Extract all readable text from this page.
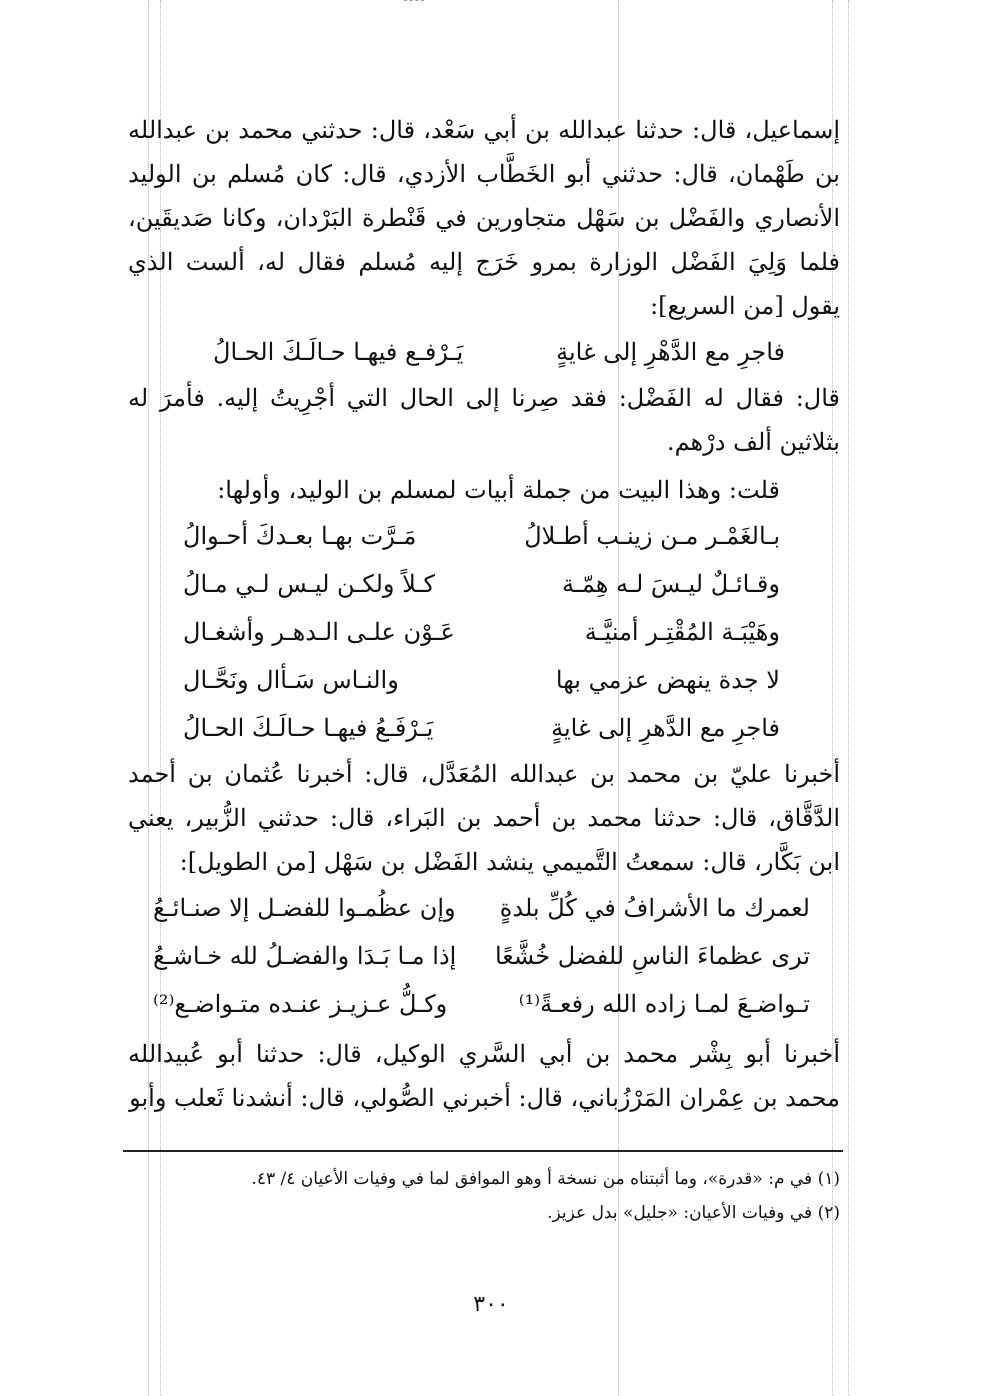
إسماعيل، قال: حدثنا عبدالله بن أبي سَعْد، قال: حدثني محمد بن عبدالله بن طَهْمان، قال: حدثني أبو الخَطَّاب الأزدي، قال: كان مُسلم بن الوليد الأنصاري والفَضْل بن سَهْل متجاورين في قَنْطرة البَرْدان، وكانا صَديقَين، فلما وَلِيَ الفَضْل الوزارة بمرو خَرَج إليه مُسلم فقال له، ألست الذي يقول [من السريع]:

فاجرِ مع الدَّهْرِ إلى غايةٍ
يَـرْفـع فيهـا حـالَـكَ الحـالُ

قال: فقال له الفَضْل: فقد صِرنا إلى الحال التي أجْرِيتُ إليه. فأمرَ له بثلاثين ألف درْهم.

قلت: وهذا البيت من جملة أبيات لمسلم بن الوليد، وأولها:

بـالغَمْـر مـن زينـب أطـلالُ
مَـرَّت بهـا بعـدكَ أحـوالُ
وقـائـلٌ ليـسَ لـه هِمّـة
كـلاً ولكـن ليـس لـي مـالُ
وهَيْبَـة المُقْتِـر أمنيَّـة
عَـوْن علـى الـدهـر وأشغـال
لا جدة ينهض عزمي بها
والنـاس سَـأال ونَحَّـال
فاجرِ مع الدَّهرِ إلى غايةٍ
يَـرْفَـعُ فيهـا حـالَـكَ الحـالُ

أخبرنا عليّ بن محمد بن عبدالله المُعَدَّل، قال: أخبرنا عُثمان بن أحمد الدَّقَّاق، قال: حدثنا محمد بن أحمد بن البَراء، قال: حدثني الزُّبير، يعني ابن بَكَّار، قال: سمعتُ التَّميمي ينشد الفَضْل بن سَهْل [من الطويل]:

لعمرك ما الأشرافُ في كُلِّ بلدةٍ
وإن عظُمـوا للفضـل إلا صنـائـعُ
ترى عظماءَ الناسِ للفضل خُشَّعًا
إذا مـا بَـدَا والفضـلُ لله خـاشـعُ
تـواضـعَ لمـا زاده الله رفعـةً⁽¹⁾
وكـلُّ عـزيـز عنـده متـواضـع⁽²⁾

أخبرنا أبو بِشْر محمد بن أبي السَّري الوكيل، قال: حدثنا أبو عُبيدالله محمد بن عِمْران المَرْزُباني، قال: أخبرني الصُّولي، قال: أنشدنا ثَعلب وأبو

(١) في م: «قدرة»، وما أثبتناه من نسخة أ وهو الموافق لما في وفيات الأعيان ٤/ ٤٣.

(٢) في وفيات الأعيان: «جليل» بدل عزيز.

٣٠٠
